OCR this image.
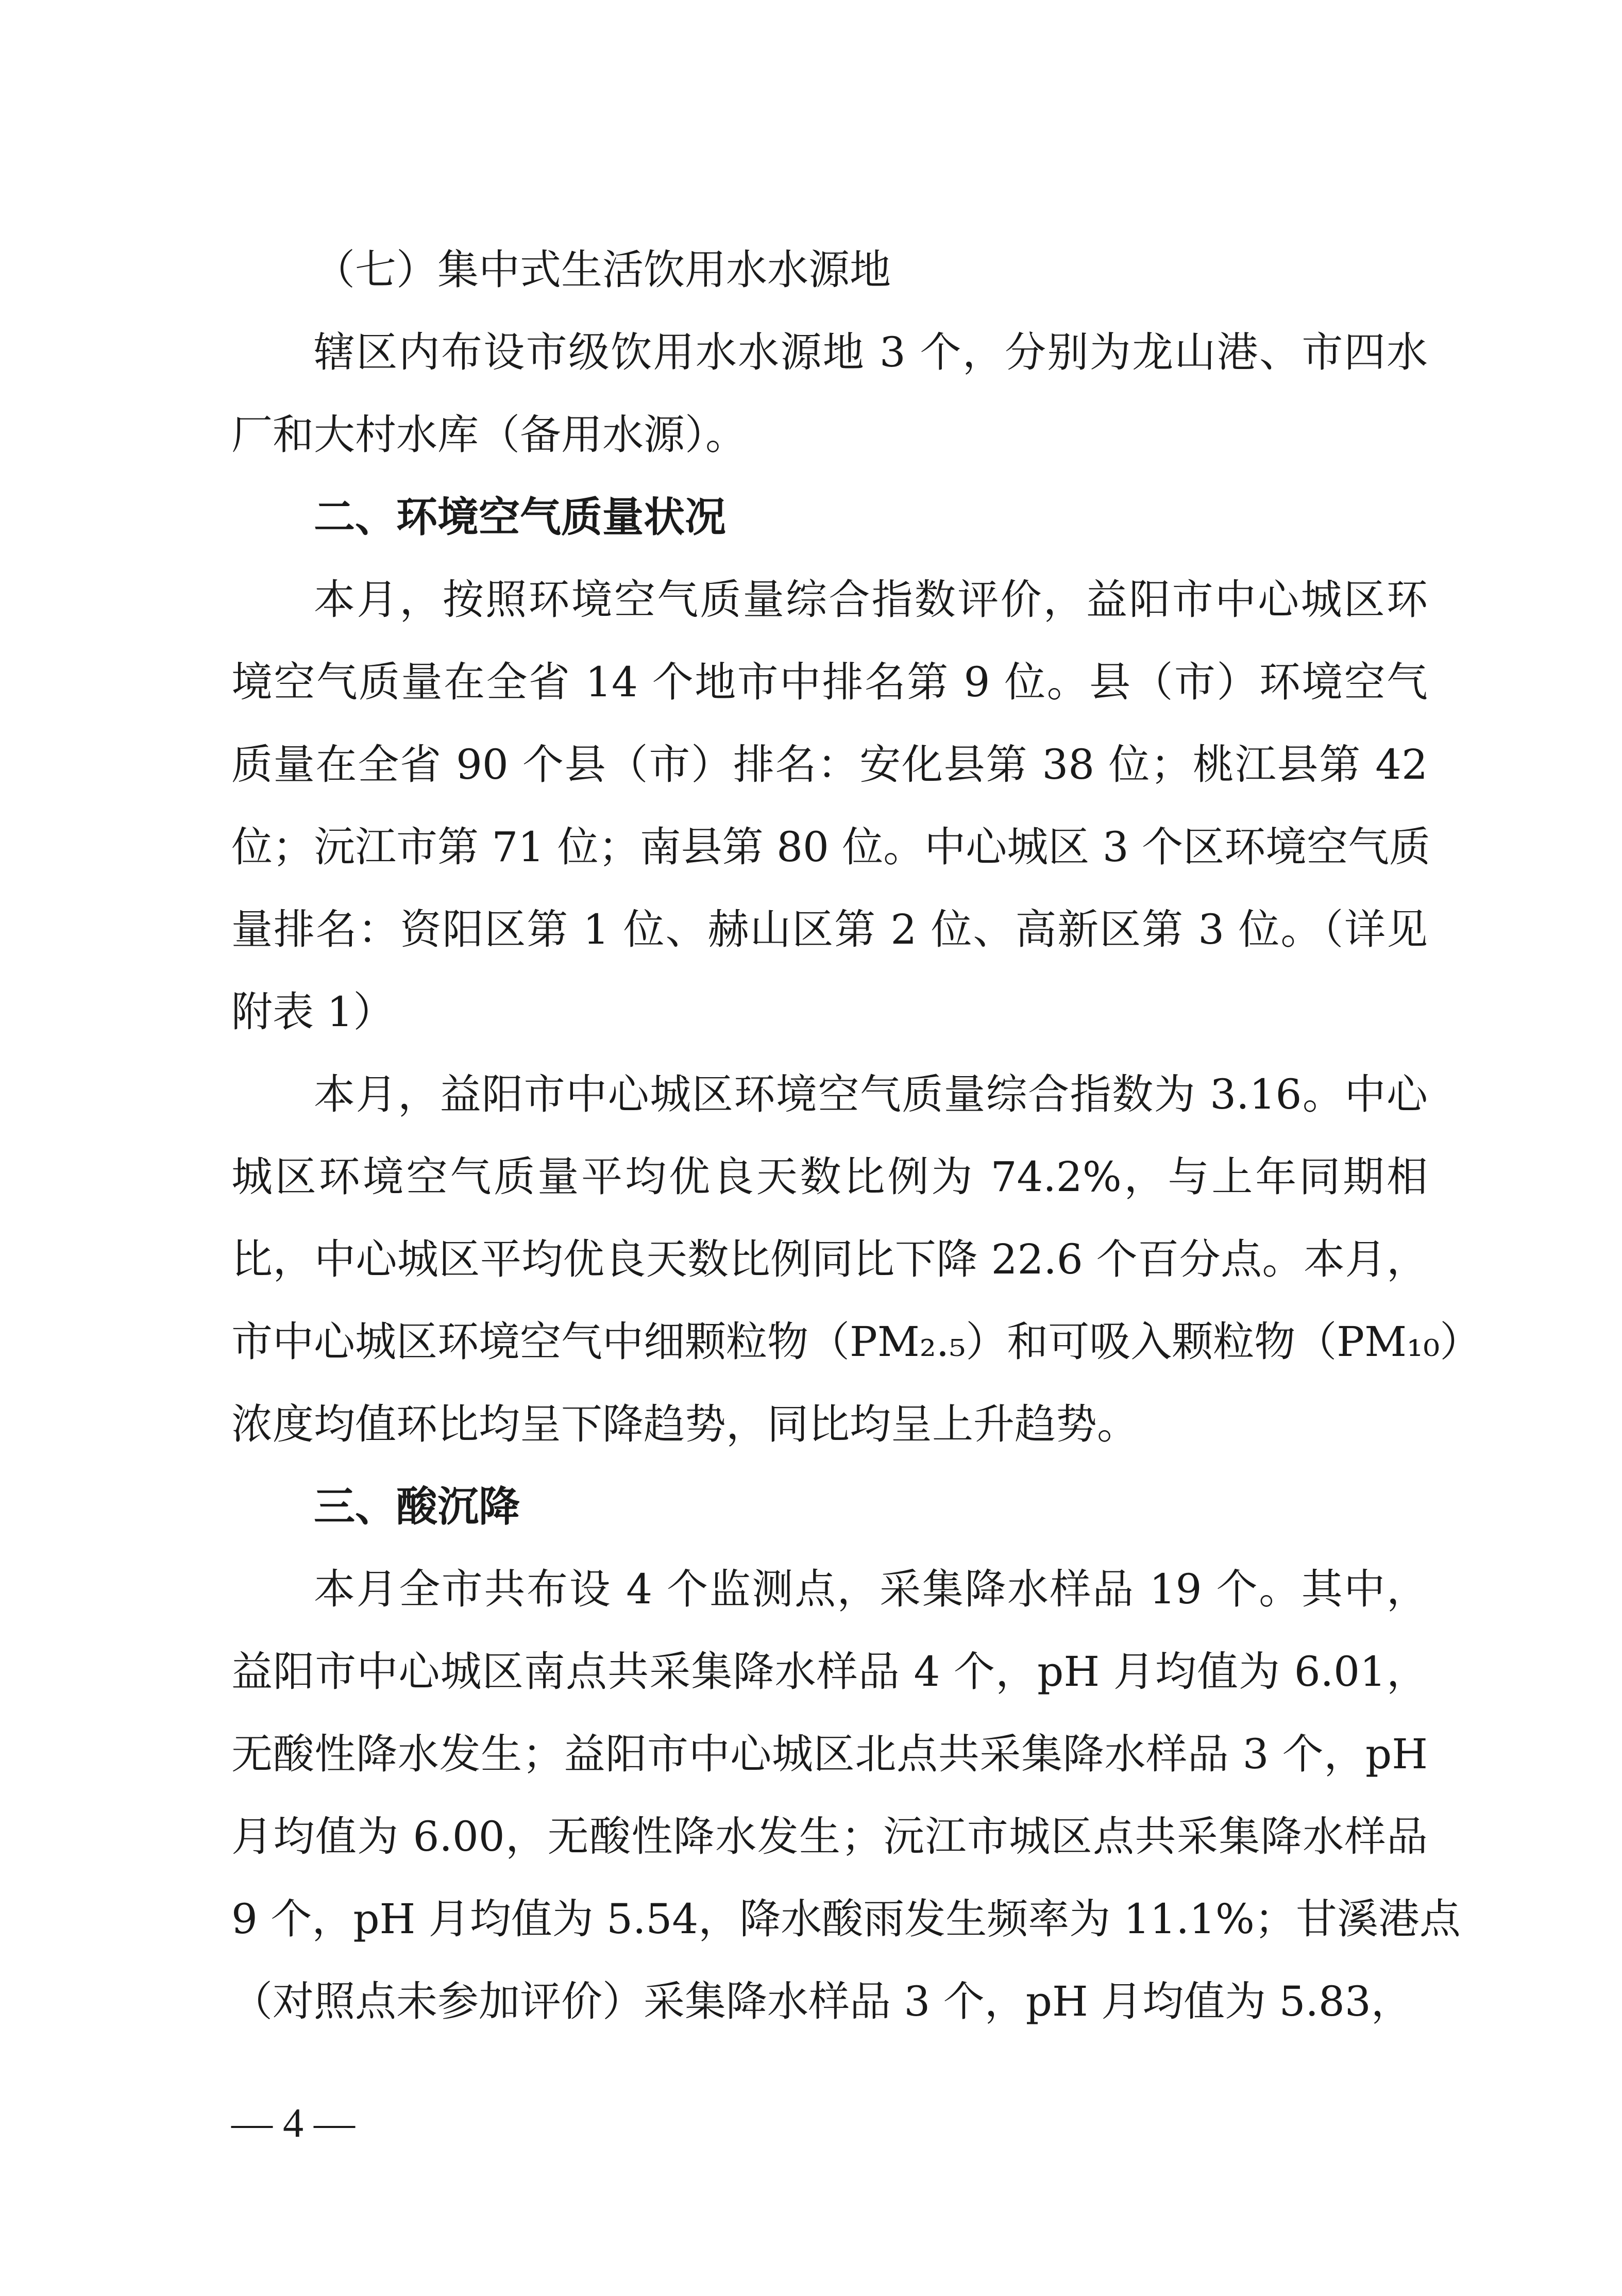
（七）集中式生活饮用水水源地
辖区内布设市级饮用水水源地 3 个，分别为龙山港、市四水
厂和大村水库（备用水源）。
二、环境空气质量状况
本月，按照环境空气质量综合指数评价，益阳市中心城区环
境空气质量在全省 14 个地市中排名第 9 位。县（市）环境空气
质量在全省 90 个县（市）排名：安化县第 38 位；桃江县第 42
位；沅江市第 71 位；南县第 80 位。中心城区 3 个区环境空气质
量排名：资阳区第 1 位、赫山区第 2 位、高新区第 3 位。（详见
附表 1）
本月，益阳市中心城区环境空气质量综合指数为 3.16。中心
城区环境空气质量平均优良天数比例为 74.2%，与上年同期相
比，中心城区平均优良天数比例同比下降 22.6 个百分点。本月，
市中心城区环境空气中细颗粒物（PM₂.₅）和可吸入颗粒物（PM₁₀）
浓度均值环比均呈下降趋势，同比均呈上升趋势。
三、酸沉降
本月全市共布设 4 个监测点，采集降水样品 19 个。其中，
益阳市中心城区南点共采集降水样品 4 个，pH 月均值为 6.01，
无酸性降水发生；益阳市中心城区北点共采集降水样品 3 个，pH
月均值为 6.00，无酸性降水发生；沅江市城区点共采集降水样品
9 个，pH 月均值为 5.54，降水酸雨发生频率为 11.1%；甘溪港点
（对照点未参加评价）采集降水样品 3 个，pH 月均值为 5.83，
— 4 —
